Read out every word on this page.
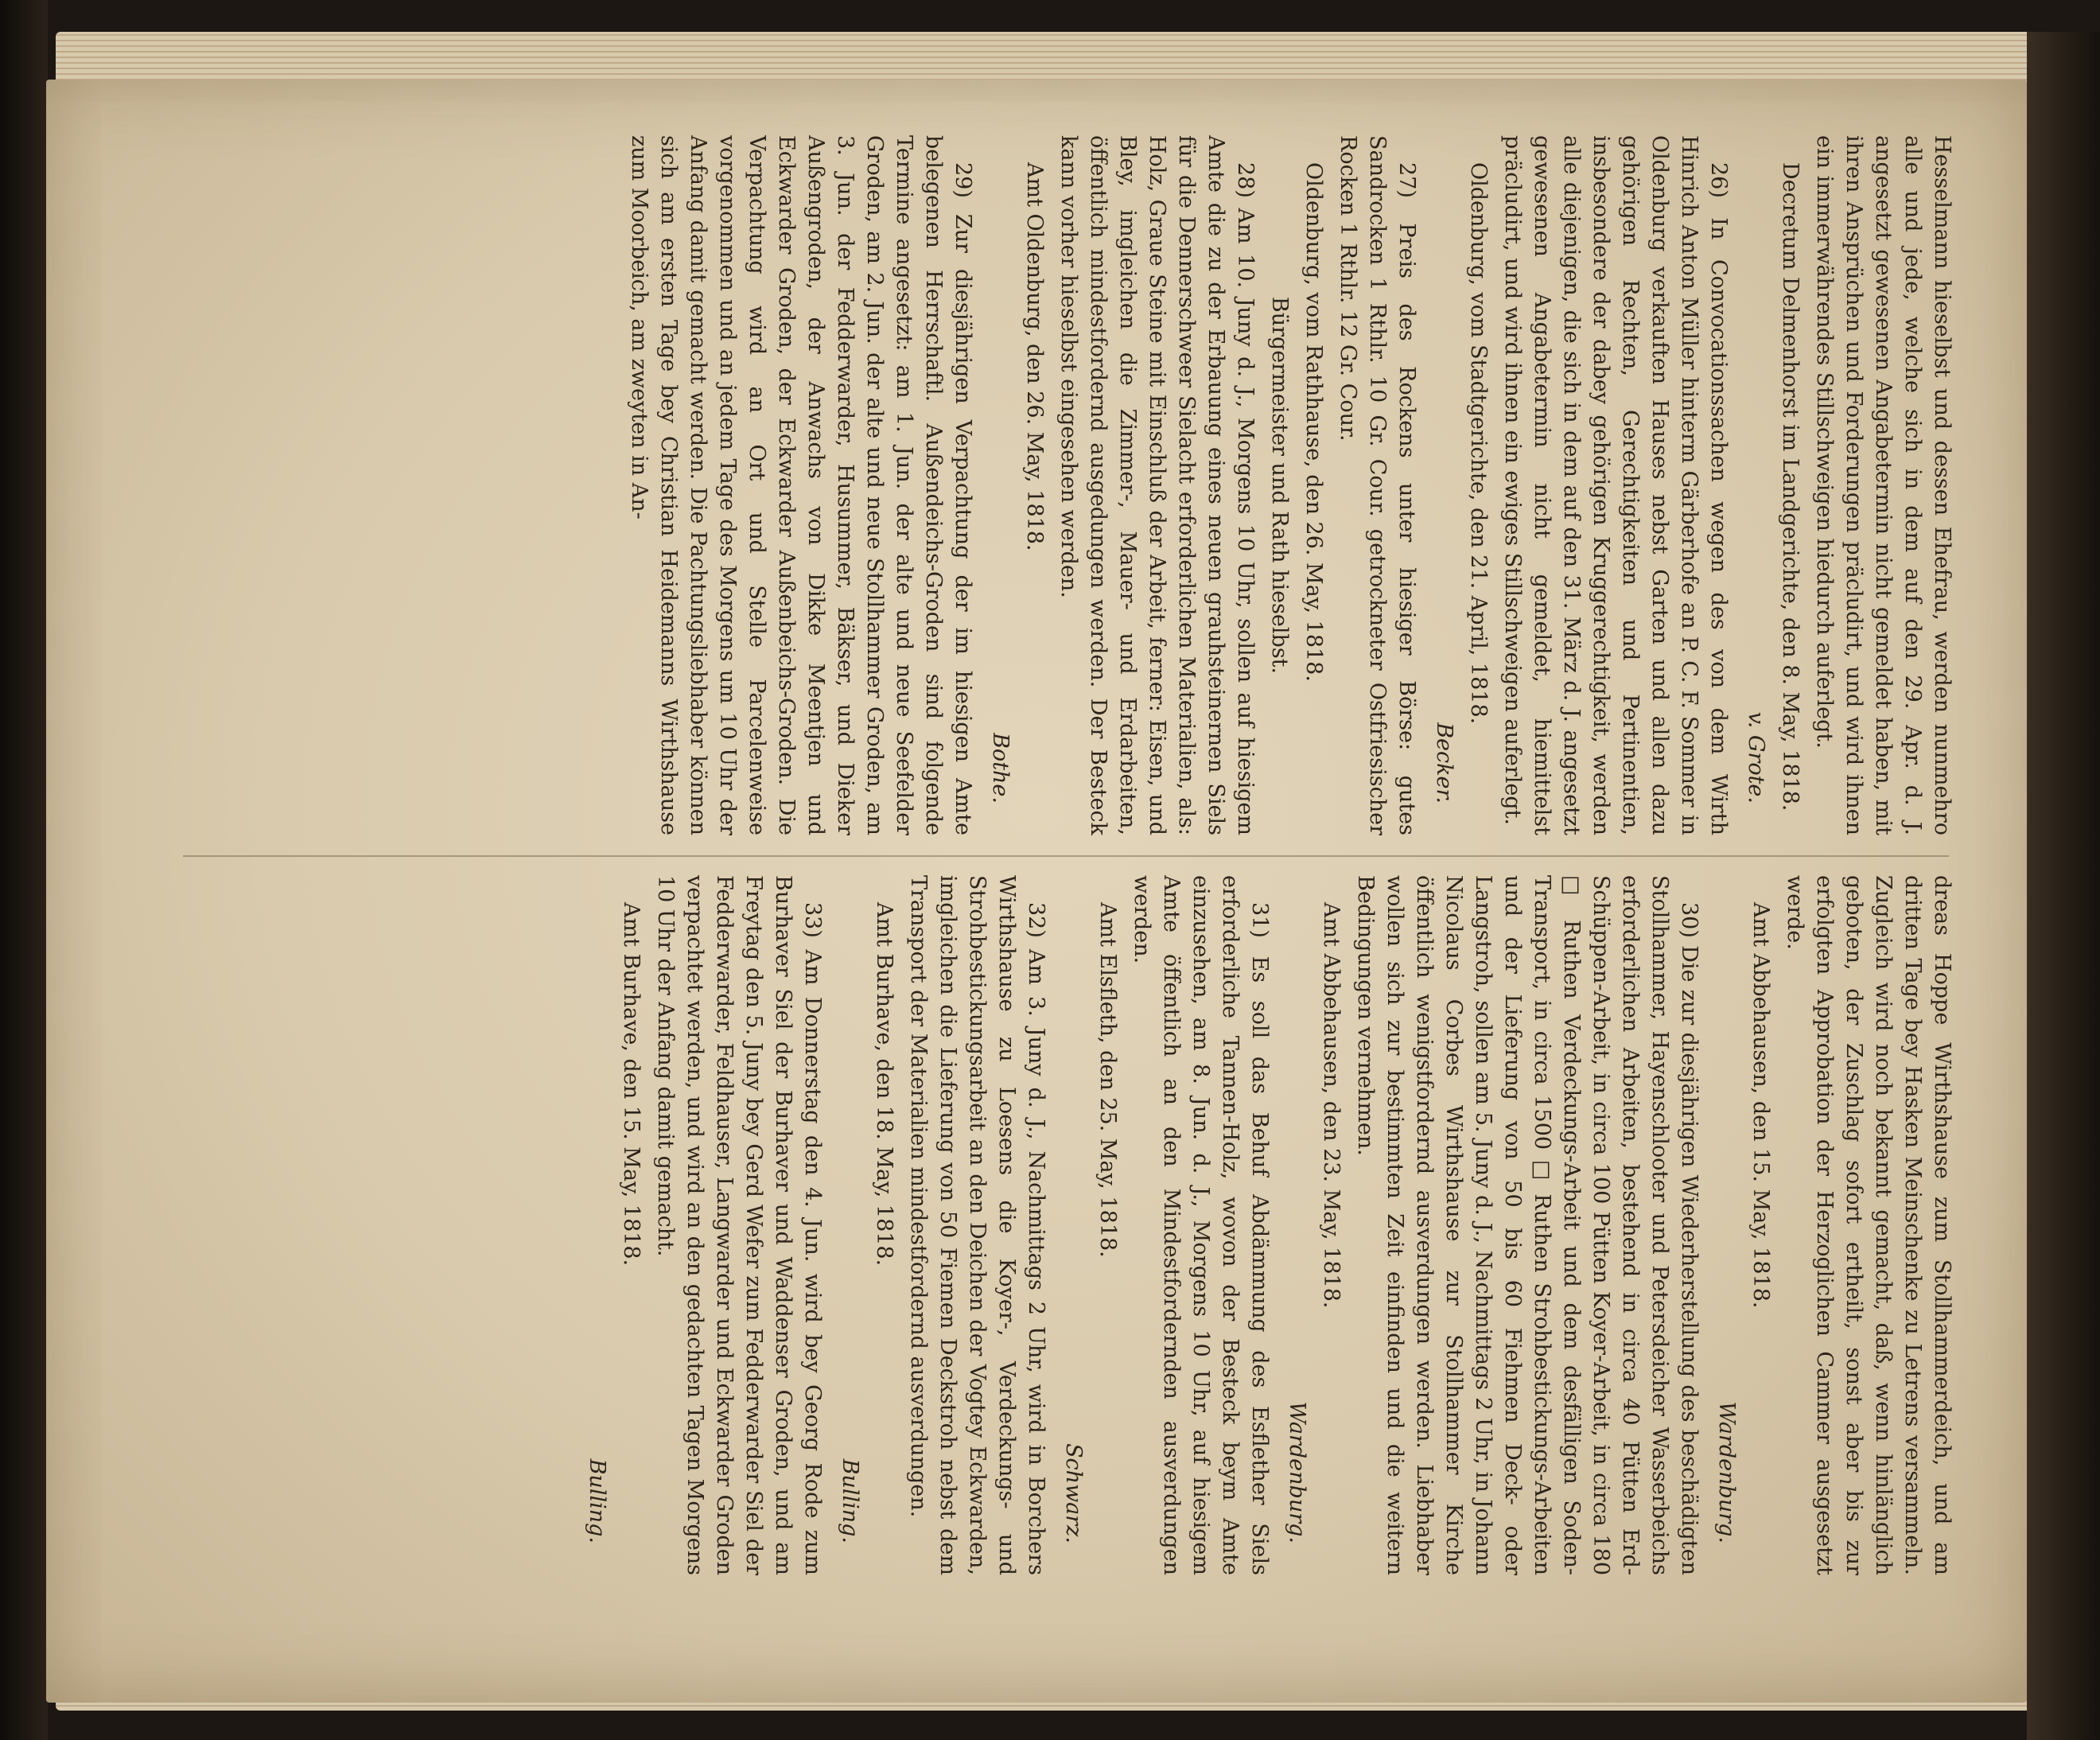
Hesselmann hieselbst und dessen Ehefrau, werden nunmehro alle und jede, welche sich in dem auf den 29. Apr. d. J. angesetzt gewesenen Angabetermin nicht gemeldet haben, mit ihren Ansprüchen und Forderungen präcludirt, und wird ihnen ein immerwährendes Stillschweigen hiedurch auferlegt.

Decretum Delmenhorst im Landgerichte, den 8. May, 1818.

v. Grote.

26) In Convocationssachen wegen des von dem Wirth Hinrich Anton Müller hinterm Gärberhofe an P. C. F. Sommer in Oldenburg verkauften Hauses nebst Garten und allen dazu gehörigen Rechten, Gerechtigkeiten und Pertinentien, insbesondere der dabey gehörigen Kruggerechtigkeit, werden alle diejenigen, die sich in dem auf den 31. März d. J. angesetzt gewesenen Angabetermin nicht gemeldet, hiemittelst präcludirt, und wird ihnen ein ewiges Stillschweigen auferlegt.

Oldenburg, vom Stadtgerichte, den 21. April, 1818.

Becker.

27) Preis des Rockens unter hiesiger Börse: gutes Sandrocken 1 Rthlr. 10 Gr. Cour. getrockneter Ostfriesischer Rocken 1 Rthlr. 12 Gr. Cour.

Oldenburg, vom Rathhause, den 26. May, 1818.

Bürgermeister und Rath hieselbst.

28) Am 10. Juny d. J., Morgens 10 Uhr, sollen auf hiesigem Amte die zu der Erbauung eines neuen grauhsteinernen Siels für die Dennerschweer Sielacht erforderlichen Materialien, als: Holz, Graue Steine mit Einschluß der Arbeit, ferner: Eisen, und Bley, imgleichen die Zimmer-, Mauer- und Erdarbeiten, öffentlich mindestfordernd ausgedungen werden. Der Besteck kann vorher hieselbst eingesehen werden.

Amt Oldenburg, den 26. May, 1818.

Bothe.

29) Zur diesjährigen Verpachtung der im hiesigen Amte belegenen Herrschaftl. Außendeichs-Groden sind folgende Termine angesetzt: am 1. Jun. der alte und neue Seefelder Groden, am 2. Jun. der alte und neue Stollhammer Groden, am 3. Jun. der Fedderwarder, Husummer, Bäkser, und Dieker Außengroden, der Anwachs von Dikke Meentjen und Eckwarder Groden, der Eckwarder Außenbeichs-Groden. Die Verpachtung wird an Ort und Stelle Parcelenweise vorgenommen und an jedem Tage des Morgens um 10 Uhr der Anfang damit gemacht werden. Die Pachtungsliebhaber können sich am ersten Tage bey Christian Heidemanns Wirthshause zum Moorbeich, am zweyten in An-

dreas Hoppe Wirthshause zum Stollhammerdeich, und am dritten Tage bey Hasken Meinschenke zu Letrens versammeln. Zugleich wird noch bekannt gemacht, daß, wenn hinlänglich geboten, der Zuschlag sofort ertheilt, sonst aber bis zur erfolgten Approbation der Herzoglichen Cammer ausgesetzt werde.

Amt Abbehausen, den 15. May, 1818.

Wardenburg.

30) Die zur diesjährigen Wiederherstellung des beschädigten Stollhammer, Hayenschlooter und Petersdeicher Wasserbeichs erforderlichen Arbeiten, bestehend in circa 40 Pütten Erd-Schüppen-Arbeit, in circa 100 Pütten Koyer-Arbeit, in circa 180 □ Ruthen Verdeckungs-Arbeit und dem desfälligen Soden-Transport, in circa 1500 □ Ruthen Strohbestickungs-Arbeiten und der Lieferung von 50 bis 60 Fiehmen Deck- oder Langstroh, sollen am 5. Juny d. J., Nachmittags 2 Uhr, in Johann Nicolaus Corbes Wirthshause zur Stollhammer Kirche öffentlich wenigstfordernd ausverdungen werden. Liebhaber wollen sich zur bestimmten Zeit einfinden und die weitern Bedingungen vernehmen.

Amt Abbehausen, den 23. May, 1818.

Wardenburg.

31) Es soll das Behuf Abdämmung des Esflether Siels erforderliche Tannen-Holz, wovon der Besteck beym Amte einzusehen, am 8. Jun. d. J., Morgens 10 Uhr, auf hiesigem Amte öffentlich an den Mindestfordernden ausverdungen werden.

Amt Elsfleth, den 25. May, 1818.

Schwarz.

32) Am 3. Juny d. J., Nachmittags 2 Uhr, wird in Borchers Wirthshause zu Loesens die Koyer-, Verdeckungs- und Strohbestickungsarbeit an den Deichen der Vogtey Eckwarden, imgleichen die Lieferung von 50 Fiemen Deckstroh nebst dem Transport der Materialien mindestfordernd ausverdungen.

Amt Burhave, den 18. May, 1818.

Bulling.

33) Am Donnerstag den 4. Jun. wird bey Georg Rode zum Burhaver Siel der Burhaver und Waddenser Groden, und am Freytag den 5. Juny bey Gerd Wefer zum Fedderwarder Siel der Fedderwarder, Feldhauser, Langwarder und Eckwarder Groden verpachtet werden, und wird an den gedachten Tagen Morgens 10 Uhr der Anfang damit gemacht.

Amt Burhave, den 15. May, 1818.

Bulling.
